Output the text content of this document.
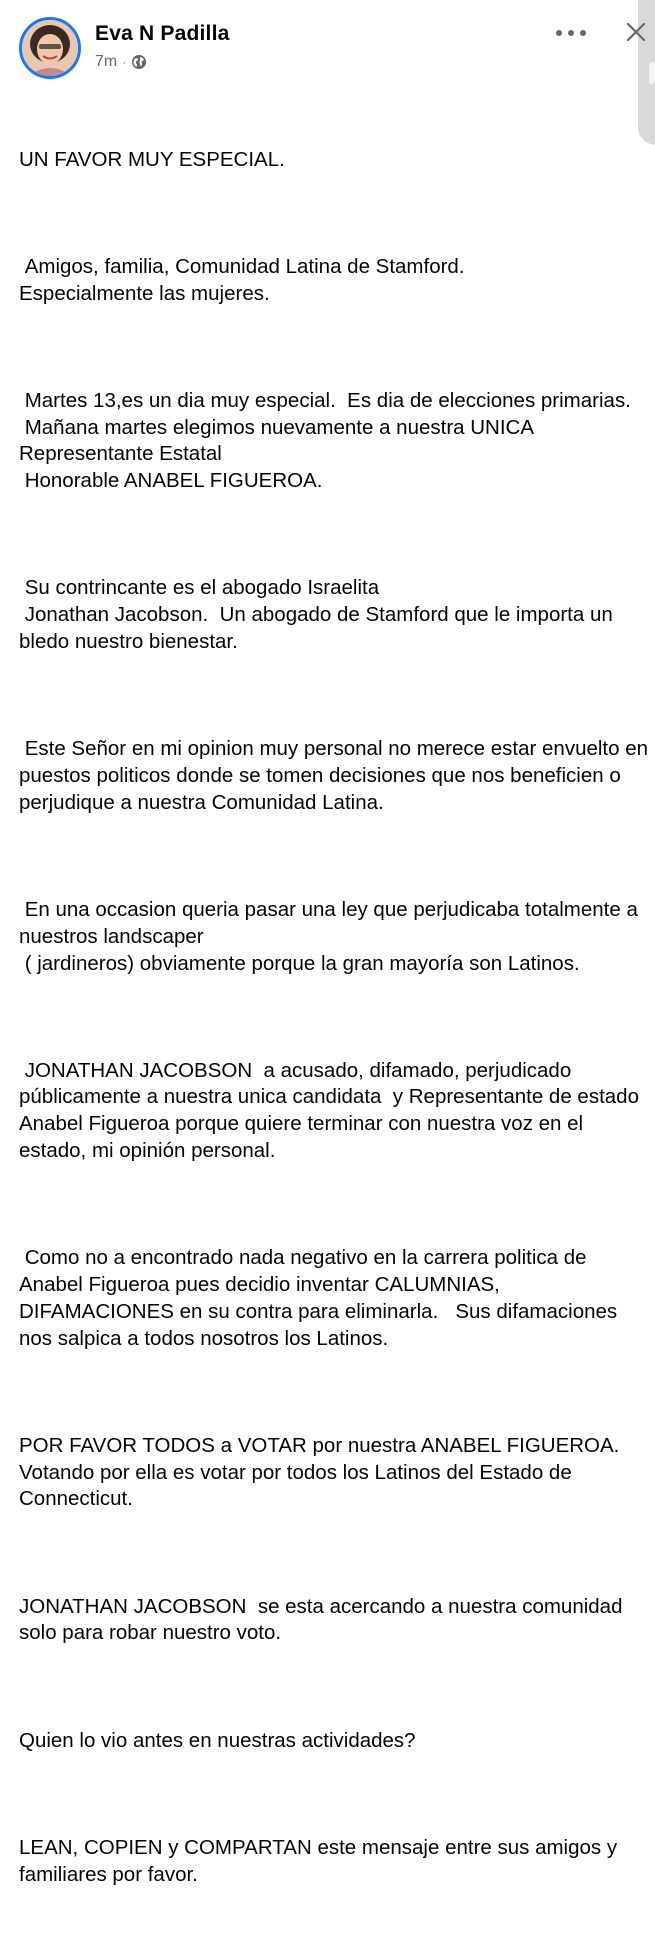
Eva N Padilla
7m ·

UN FAVOR MUY ESPECIAL.

Amigos, familia, Comunidad Latina de Stamford.
Especialmente las mujeres.

Martes 13,es un dia muy especial.  Es dia de elecciones primarias.
Mañana martes elegimos nuevamente a nuestra UNICA Representante Estatal
Honorable ANABEL FIGUEROA.

Su contrincante es el abogado Israelita
Jonathan Jacobson.  Un abogado de Stamford que le importa un bledo nuestro bienestar.

Este Señor en mi opinion muy personal no merece estar envuelto en puestos politicos donde se tomen decisiones que nos beneficien o perjudique a nuestra Comunidad Latina.

En una occasion queria pasar una ley que perjudicaba totalmente a nuestros landscaper
( jardineros) obviamente porque la gran mayoría son Latinos.

JONATHAN JACOBSON  a acusado, difamado, perjudicado públicamente a nuestra unica candidata  y Representante de estado Anabel Figueroa porque quiere terminar con nuestra voz en el estado, mi opinión personal.

Como no a encontrado nada negativo en la carrera politica de Anabel Figueroa pues decidio inventar CALUMNIAS, DIFAMACIONES en su contra para eliminarla.   Sus difamaciones nos salpica a todos nosotros los Latinos.

POR FAVOR TODOS a VOTAR por nuestra ANABEL FIGUEROA.  Votando por ella es votar por todos los Latinos del Estado de Connecticut.

JONATHAN JACOBSON  se esta acercando a nuestra comunidad solo para robar nuestro voto.

Quien lo vio antes en nuestras actividades?

LEAN, COPIEN y COMPARTAN este mensaje entre sus amigos y familiares por favor.
